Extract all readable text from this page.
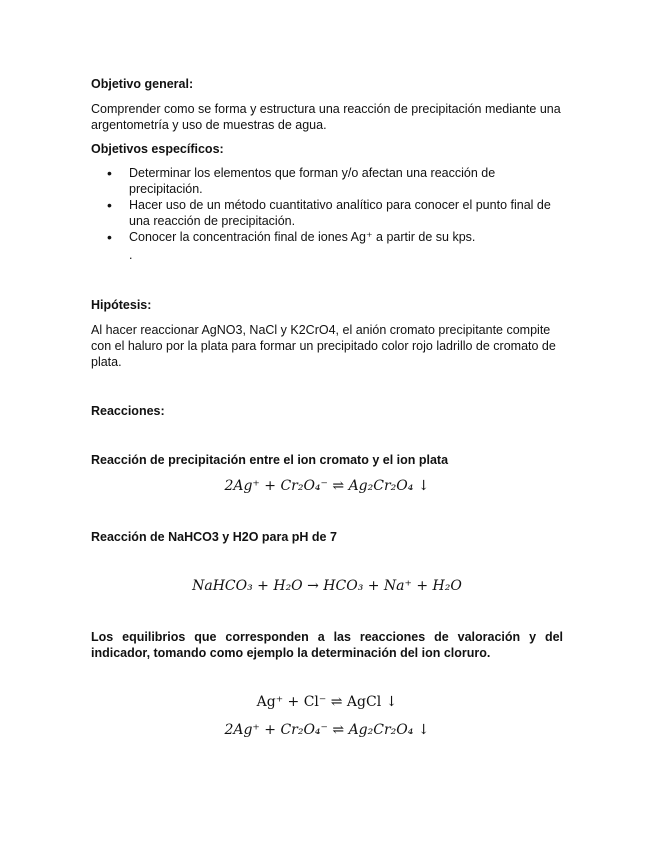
Objetivo general:
Comprender como se forma y estructura una reacción de precipitación mediante una argentometría y uso de muestras de agua.
Objetivos específicos:
• Determinar los elementos que forman y/o afectan una reacción de precipitación.
• Hacer uso de un método cuantitativo analítico para conocer el punto final de una reacción de precipitación.
• Conocer la concentración final de iones Ag⁺ a partir de su kps.
.
Hipótesis:
Al hacer reaccionar AgNO3, NaCl y K2CrO4, el anión cromato precipitante compite con el haluro por la plata para formar un precipitado color rojo ladrillo de cromato de plata.
Reacciones:
Reacción de precipitación entre el ion cromato y el ion plata
2Ag⁺ + Cr₂O₄⁻ ⇌ Ag₂Cr₂O₄ ↓
Reacción de NaHCO3 y H2O para pH de 7
NaHCO₃ + H₂O → HCO₃ + Na⁺ + H₂O
Los equilibrios que corresponden a las reacciones de valoración y del indicador, tomando como ejemplo la determinación del ion cloruro.
Ag⁺ + Cl⁻ ⇌ AgCl ↓
2Ag⁺ + Cr₂O₄⁻ ⇌ Ag₂Cr₂O₄ ↓
